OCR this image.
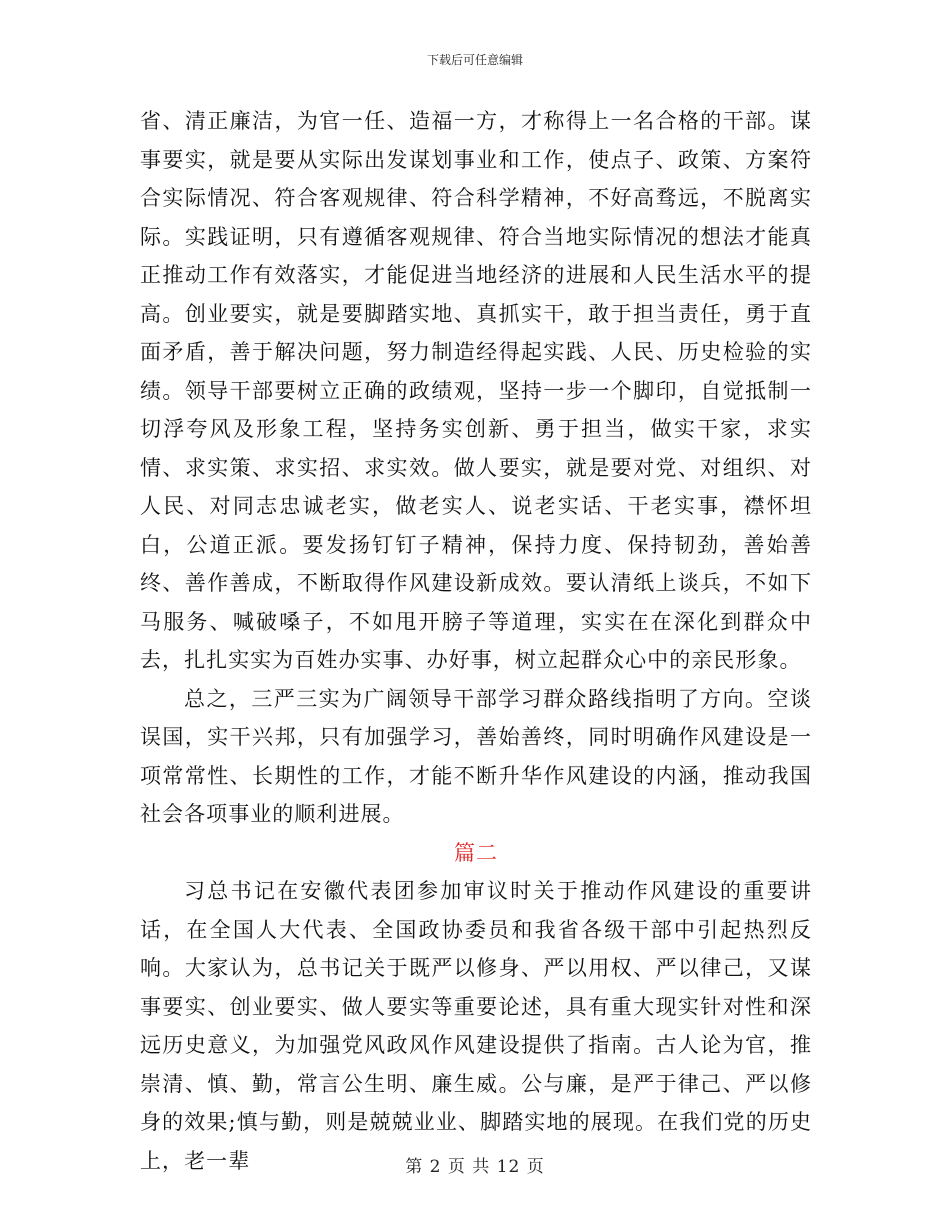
下载后可任意编辑

省、清正廉洁，为官一任、造福一方，才称得上一名合格的干部。谋事要实，就是要从实际出发谋划事业和工作，使点子、政策、方案符合实际情况、符合客观规律、符合科学精神，不好高骛远，不脱离实际。实践证明，只有遵循客观规律、符合当地实际情况的想法才能真正推动工作有效落实，才能促进当地经济的进展和人民生活水平的提高。创业要实，就是要脚踏实地、真抓实干，敢于担当责任，勇于直面矛盾，善于解决问题，努力制造经得起实践、人民、历史检验的实绩。领导干部要树立正确的政绩观，坚持一步一个脚印，自觉抵制一切浮夸风及形象工程，坚持务实创新、勇于担当，做实干家，求实情、求实策、求实招、求实效。做人要实，就是要对党、对组织、对人民、对同志忠诚老实，做老实人、说老实话、干老实事，襟怀坦白，公道正派。要发扬钉钉子精神，保持力度、保持韧劲，善始善终、善作善成，不断取得作风建设新成效。要认清纸上谈兵，不如下马服务、喊破嗓子，不如甩开膀子等道理，实实在在深化到群众中去，扎扎实实为百姓办实事、办好事，树立起群众心中的亲民形象。

总之，三严三实为广阔领导干部学习群众路线指明了方向。空谈误国，实干兴邦，只有加强学习，善始善终，同时明确作风建设是一项常常性、长期性的工作，才能不断升华作风建设的内涵，推动我国社会各项事业的顺利进展。

篇二

习总书记在安徽代表团参加审议时关于推动作风建设的重要讲话，在全国人大代表、全国政协委员和我省各级干部中引起热烈反响。大家认为，总书记关于既严以修身、严以用权、严以律己，又谋事要实、创业要实、做人要实等重要论述，具有重大现实针对性和深远历史意义，为加强党风政风作风建设提供了指南。古人论为官，推崇清、慎、勤，常言公生明、廉生威。公与廉，是严于律己、严以修身的效果;慎与勤，则是兢兢业业、脚踏实地的展现。在我们党的历史上，老一辈	第 2 页 共 12 页
